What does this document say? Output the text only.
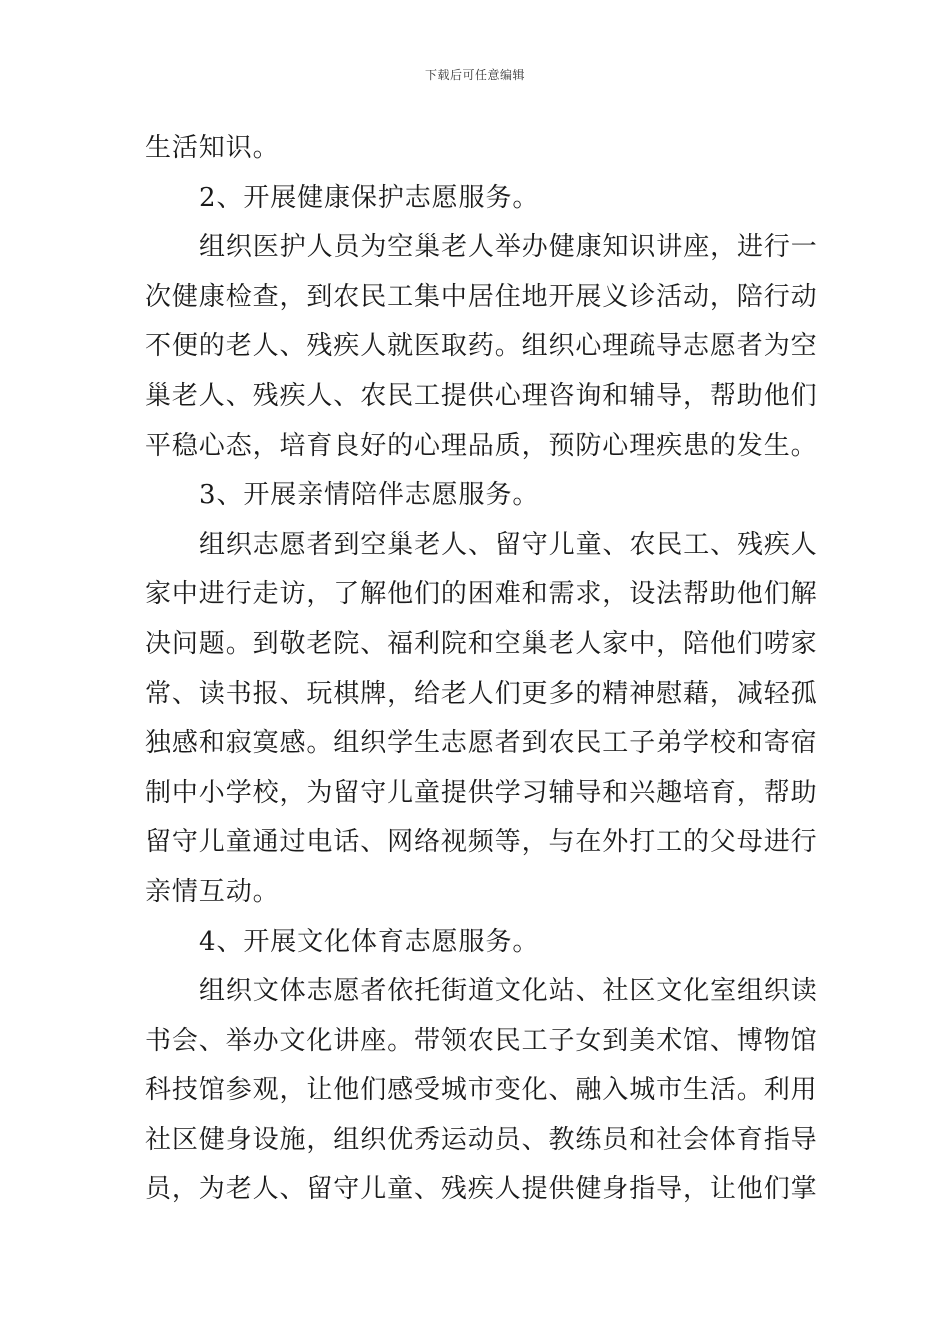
下载后可任意编辑
生活知识。
2、开展健康保护志愿服务。
组织医护人员为空巢老人举办健康知识讲座，进行一
次健康检查，到农民工集中居住地开展义诊活动，陪行动
不便的老人、残疾人就医取药。组织心理疏导志愿者为空
巢老人、残疾人、农民工提供心理咨询和辅导，帮助他们
平稳心态，培育良好的心理品质，预防心理疾患的发生。
3、开展亲情陪伴志愿服务。
组织志愿者到空巢老人、留守儿童、农民工、残疾人
家中进行走访，了解他们的困难和需求，设法帮助他们解
决问题。到敬老院、福利院和空巢老人家中，陪他们唠家
常、读书报、玩棋牌，给老人们更多的精神慰藉，减轻孤
独感和寂寞感。组织学生志愿者到农民工子弟学校和寄宿
制中小学校，为留守儿童提供学习辅导和兴趣培育，帮助
留守儿童通过电话、网络视频等，与在外打工的父母进行
亲情互动。
4、开展文化体育志愿服务。
组织文体志愿者依托街道文化站、社区文化室组织读
书会、举办文化讲座。带领农民工子女到美术馆、博物馆
科技馆参观，让他们感受城市变化、融入城市生活。利用
社区健身设施，组织优秀运动员、教练员和社会体育指导
员，为老人、留守儿童、残疾人提供健身指导，让他们掌
